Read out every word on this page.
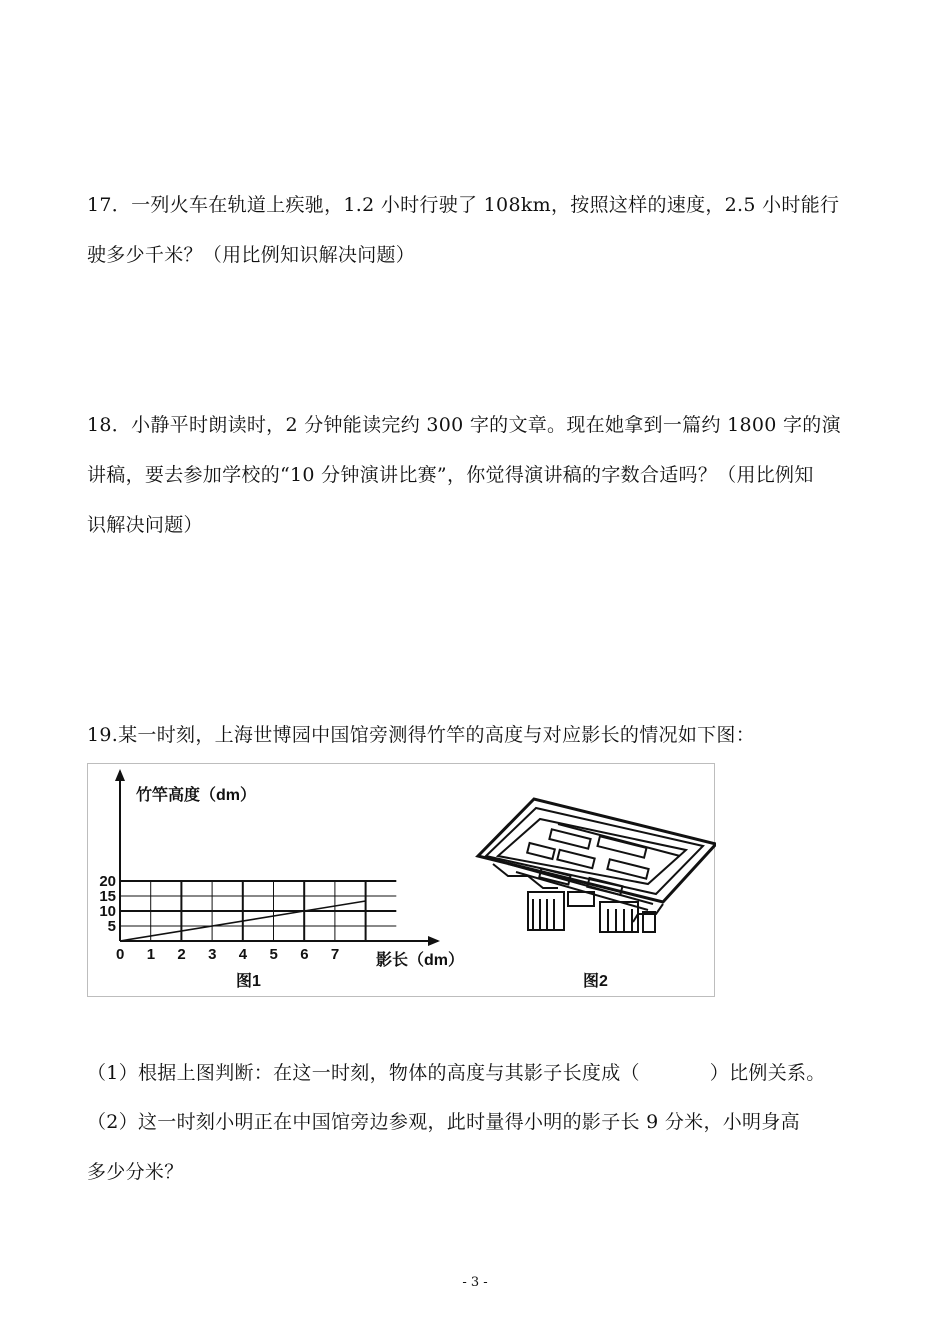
17．一列火车在轨道上疾驰，1.2 小时行驶了 108km，按照这样的速度，2.5 小时能行
驶多少千米？（用比例知识解决问题）
18．小静平时朗读时，2 分钟能读完约 300 字的文章。现在她拿到一篇约 1800 字的演
讲稿，要去参加学校的“10 分钟演讲比赛”，你觉得演讲稿的字数合适吗？（用比例知
识解决问题）
19.某一时刻，上海世博园中国馆旁测得竹竿的高度与对应影长的情况如下图：
竹竿高度（dm）
影长（dm）
图1
0 1 2 3 4 5 6 7
5
10
15
20
图2
（1）根据上图判断：在这一时刻，物体的高度与其影子长度成（	）比例关系。
（2）这一时刻小明正在中国馆旁边参观，此时量得小明的影子长 9 分米，小明身高
多少分米？
- 3 -
